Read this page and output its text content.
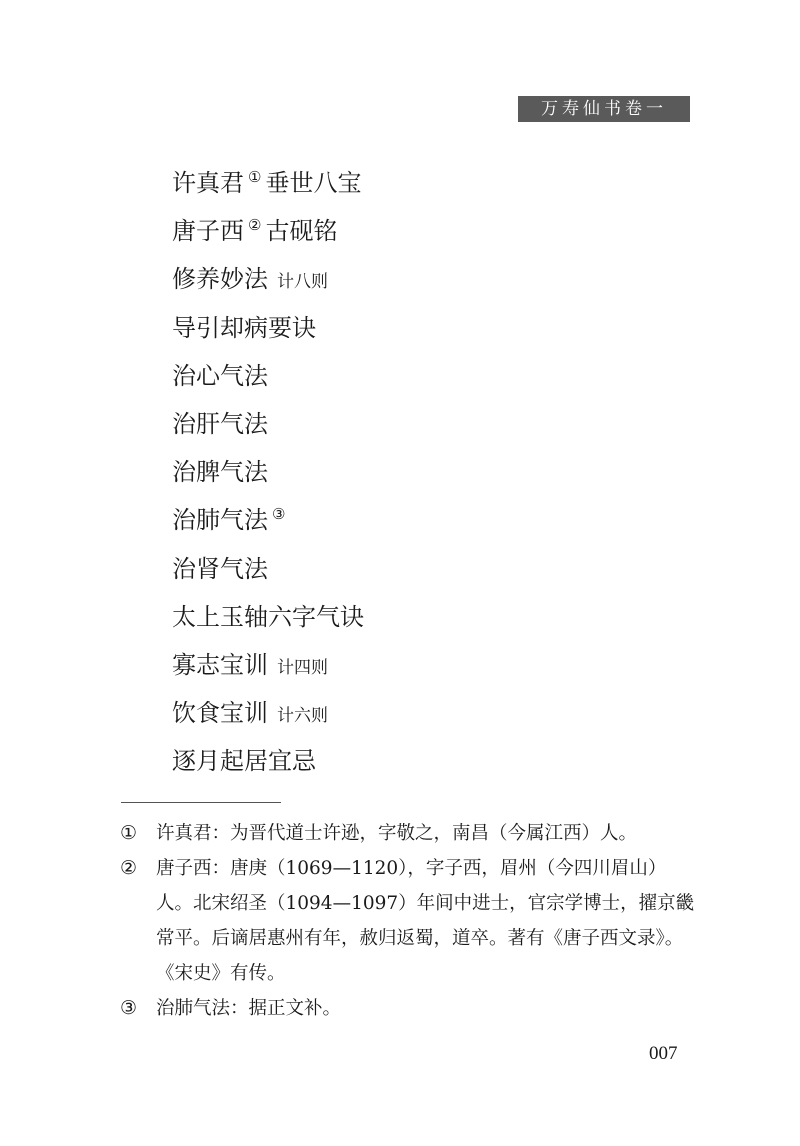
万寿仙书卷一
许真君 ① 垂世八宝
唐子西 ② 古砚铭
修养妙法 计八则
导引却病要诀
治心气法
治肝气法
治脾气法
治肺气法 ③
治肾气法
太上玉轴六字气诀
寡志宝训 计四则
饮食宝训 计六则
逐月起居宜忌
① 许真君：为晋代道士许逊，字敬之，南昌（今属江西）人。
② 唐子西：唐庚（1069—1120），字子西，眉州（今四川眉山）人。北宋绍圣（1094—1097）年间中进士，官宗学博士，擢京畿常平。后谪居惠州有年，赦归返蜀，道卒。著有《唐子西文录》。《宋史》有传。
③ 治肺气法：据正文补。
007
